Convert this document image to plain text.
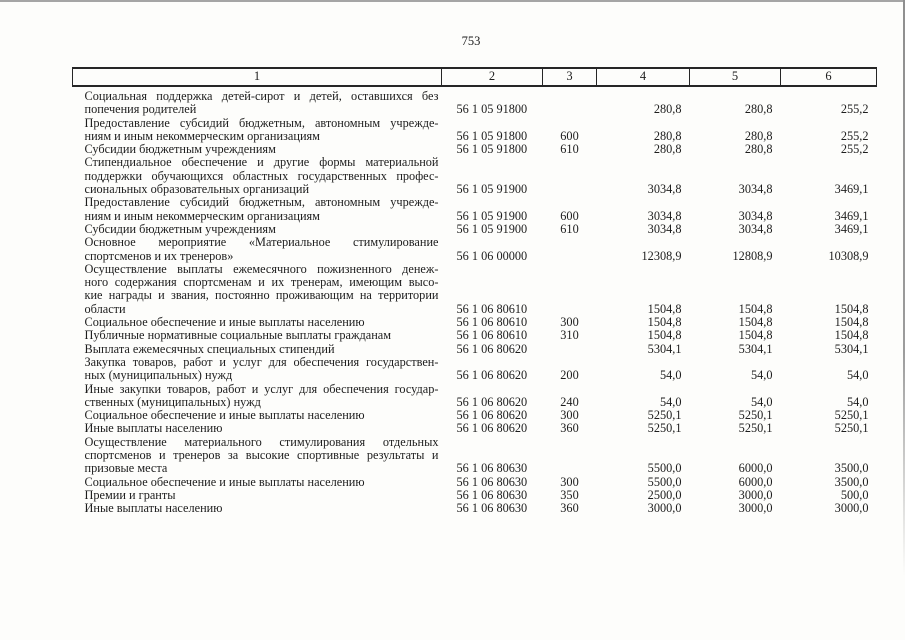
753
1	2	3	4	5	6

Социальная поддержка детей-сирот и детей, оставшихся без
попечения родителей	56 1 05 91800		280,8	280,8	255,2

Предоставление субсидий бюджетным, автономным учрежде-
ниям и иным некоммерческим организациям	56 1 05 91800	600	280,8	280,8	255,2

Субсидии бюджетным учреждениям	56 1 05 91800	610	280,8	280,8	255,2

Стипендиальное обеспечение и другие формы материальной
поддержки обучающихся областных государственных профес-
сиональных образовательных организаций	56 1 05 91900		3034,8	3034,8	3469,1

Предоставление субсидий бюджетным, автономным учрежде-
ниям и иным некоммерческим организациям	56 1 05 91900	600	3034,8	3034,8	3469,1

Субсидии бюджетным учреждениям	56 1 05 91900	610	3034,8	3034,8	3469,1

Основное мероприятие «Материальное стимулирование
спортсменов и их тренеров»	56 1 06 00000		12308,9	12808,9	10308,9

Осуществление выплаты ежемесячного пожизненного денеж-
ного содержания спортсменам и их тренерам, имеющим высо-
кие награды и звания, постоянно проживающим на территории
области	56 1 06 80610		1504,8	1504,8	1504,8

Социальное обеспечение и иные выплаты населению	56 1 06 80610	300	1504,8	1504,8	1504,8

Публичные нормативные социальные выплаты гражданам	56 1 06 80610	310	1504,8	1504,8	1504,8

Выплата ежемесячных специальных стипендий	56 1 06 80620		5304,1	5304,1	5304,1

Закупка товаров, работ и услуг для обеспечения государствен-
ных (муниципальных) нужд	56 1 06 80620	200	54,0	54,0	54,0

Иные закупки товаров, работ и услуг для обеспечения государ-
ственных (муниципальных) нужд	56 1 06 80620	240	54,0	54,0	54,0

Социальное обеспечение и иные выплаты населению	56 1 06 80620	300	5250,1	5250,1	5250,1

Иные выплаты населению	56 1 06 80620	360	5250,1	5250,1	5250,1

Осуществление материального стимулирования отдельных
спортсменов и тренеров за высокие спортивные результаты и
призовые места	56 1 06 80630		5500,0	6000,0	3500,0

Социальное обеспечение и иные выплаты населению	56 1 06 80630	300	5500,0	6000,0	3500,0

Премии и гранты	56 1 06 80630	350	2500,0	3000,0	500,0

Иные выплаты населению	56 1 06 80630	360	3000,0	3000,0	3000,0
